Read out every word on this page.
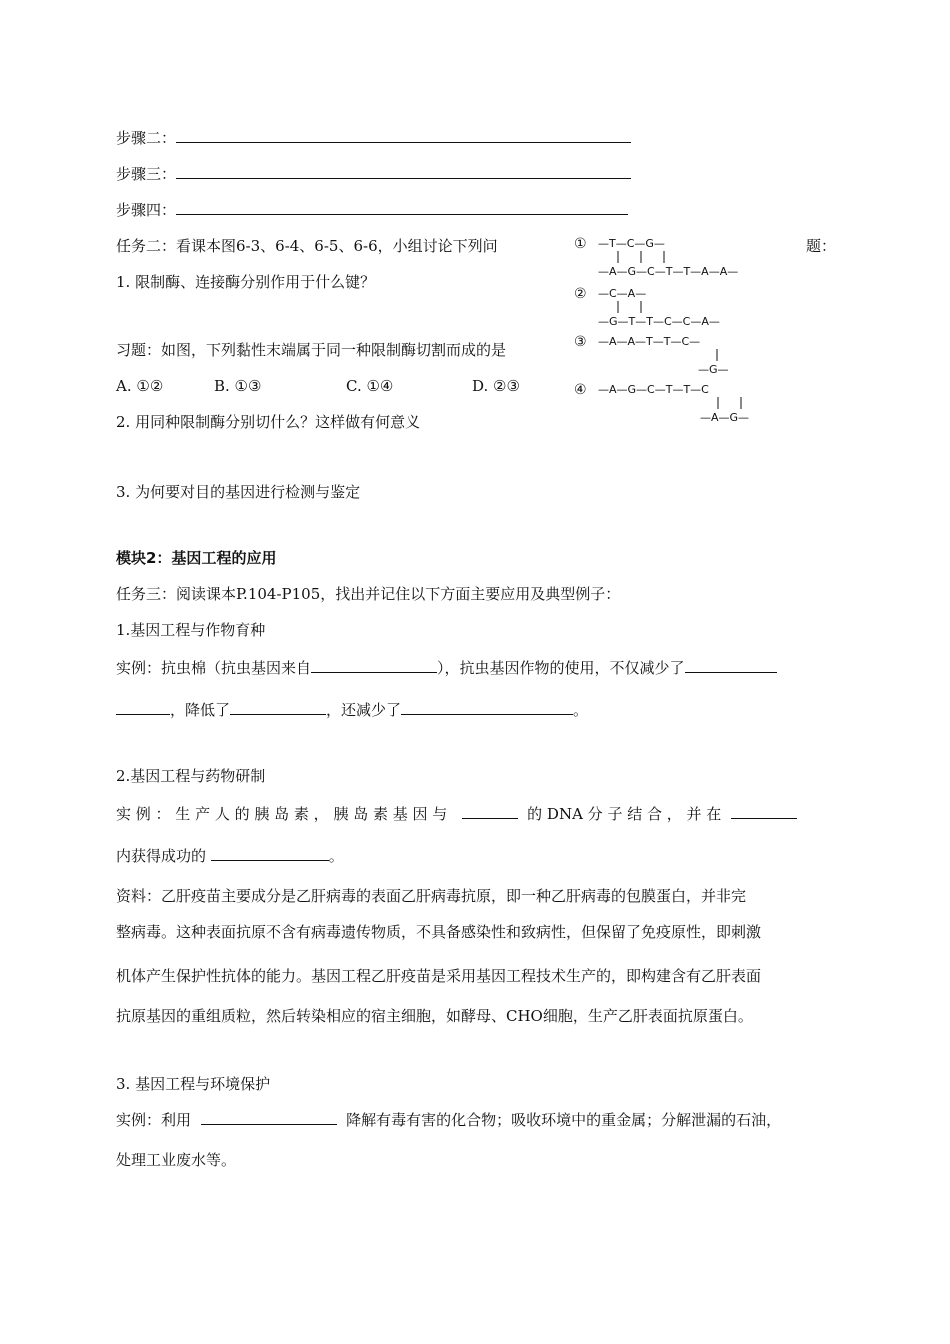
步骤二：
步骤三：
步骤四：
任务二：看课本图6-3、6-4、6-5、6-6，小组讨论下列问	题：
1. 限制酶、连接酶分别作用于什么键？
习题：如图，下列黏性末端属于同一种限制酶切割而成的是
A. ①②	B. ①③	C. ①④	D. ②③
2. 用同种限制酶分别切什么？这样做有何意义
3. 为何要对目的基因进行检测与鉴定
① —T—C—G—
—A—G—C—T—T—A—A—
② —C—A—
—G—T—T—C—C—A—
③ —A—A—T—T—C—
—G—
④ —A—G—C—T—T—C
—A—G—
模块2：基因工程的应用
任务三：阅读课本P.104-P105，找出并记住以下方面主要应用及典型例子：
1.基因工程与作物育种
实例：抗虫棉（抗虫基因来自	），抗虫基因作物的使用，不仅减少了
，降低了	，还减少了	。
2.基因工程与药物研制
实 例 ： 生 产 人 的 胰 岛 素 ， 胰 岛 素 基 因 与	的 DNA 分 子 结 合 ， 并 在
内获得成功的	。
资料：乙肝疫苗主要成分是乙肝病毒的表面乙肝病毒抗原，即一种乙肝病毒的包膜蛋白，并非完
整病毒。这种表面抗原不含有病毒遗传物质，不具备感染性和致病性，但保留了免疫原性，即刺激
机体产生保护性抗体的能力。基因工程乙肝疫苗是采用基因工程技术生产的，即构建含有乙肝表面
抗原基因的重组质粒，然后转染相应的宿主细胞，如酵母、CHO细胞，生产乙肝表面抗原蛋白。
3. 基因工程与环境保护
实例：利用	降解有毒有害的化合物；吸收环境中的重金属；分解泄漏的石油，
处理工业废水等。
